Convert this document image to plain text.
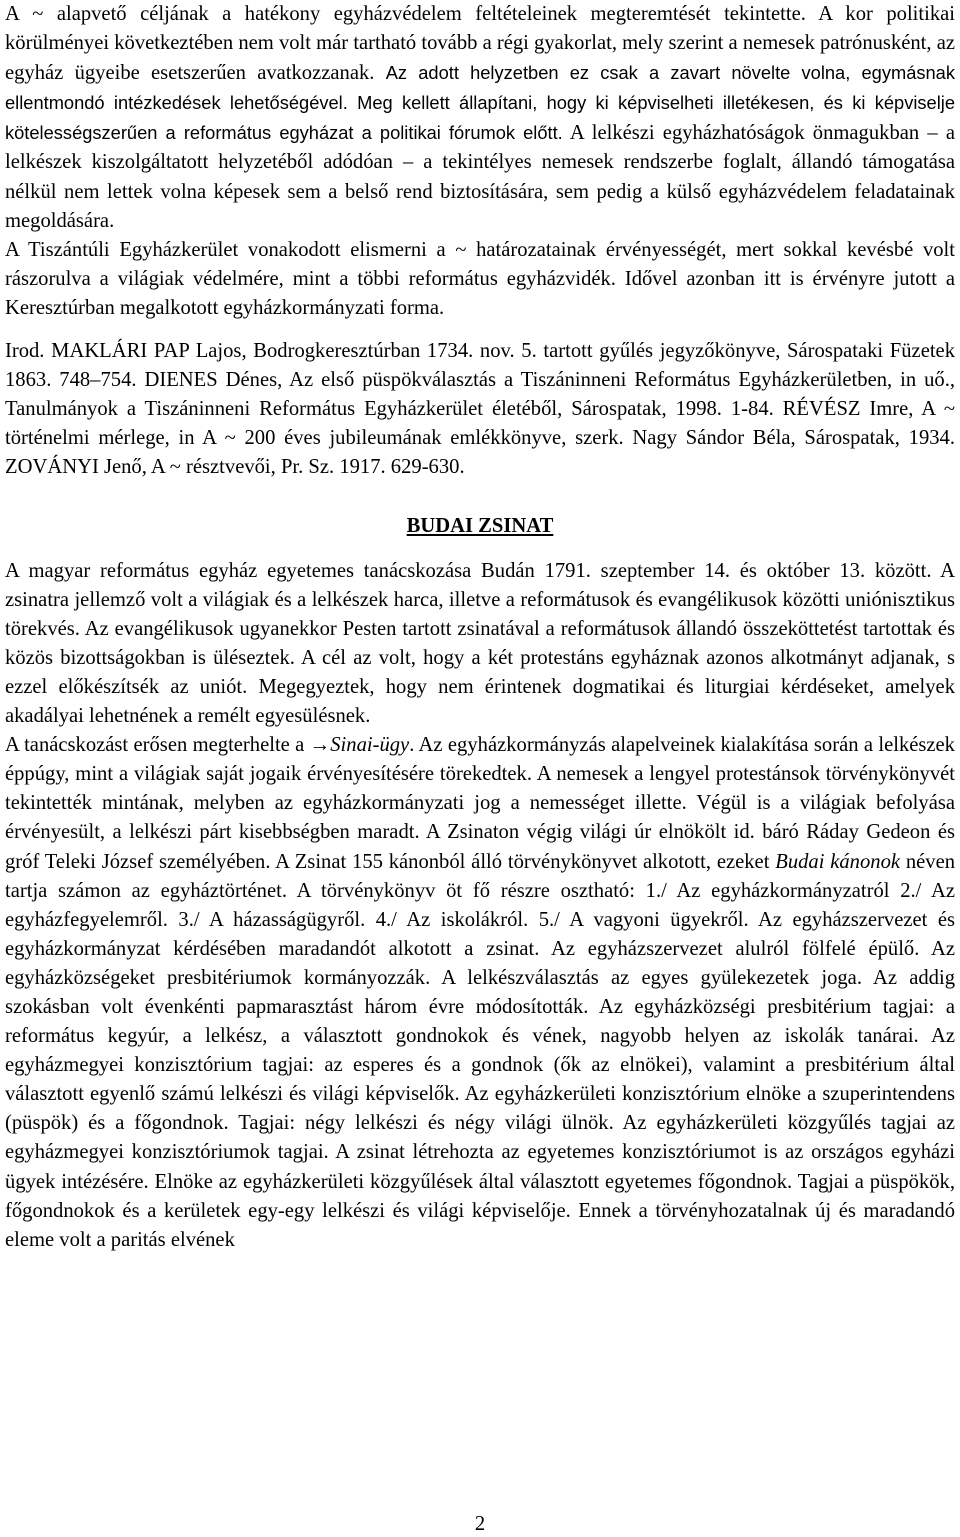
A ~ alapvető céljának a hatékony egyházvédelem feltételeinek megteremtését tekintette. A kor politikai körülményei következtében nem volt már tartható tovább a régi gyakorlat, mely szerint a nemesek patrónusként, az egyház ügyeibe esetszerűen avatkozzanak. Az adott helyzetben ez csak a zavart növelte volna, egymásnak ellentmondó intézkedések lehetőségével. Meg kellett állapítani, hogy ki képviselheti illetékesen, és ki képviselje kötelességszerűen a református egyházat a politikai fórumok előtt. A lelkészi egyházhatóságok önmagukban – a lelkészek kiszolgáltatott helyzetéből adódóan – a tekintélyes nemesek rendszerbe foglalt, állandó támogatása nélkül nem lettek volna képesek sem a belső rend biztosítására, sem pedig a külső egyházvédelem feladatainak megoldására.

A Tiszántúli Egyházkerület vonakodott elismerni a ~ határozatainak érvényességét, mert sokkal kevésbé volt rászorulva a világiak védelmére, mint a többi református egyházvidék. Idővel azonban itt is érvényre jutott a Keresztúrban megalkotott egyházkormányzati forma.

Irod. MAKLÁRI PAP Lajos, Bodrogkeresztúrban 1734. nov. 5. tartott gyűlés jegyzőkönyve, Sárospataki Füzetek 1863. 748–754. DIENES Dénes, Az első püspökválasztás a Tiszáninneni Református Egyházkerületben, in uő., Tanulmányok a Tiszáninneni Református Egyházkerület életéből, Sárospatak, 1998. 1-84. RÉVÉSZ Imre, A ~ történelmi mérlege, in A ~ 200 éves jubileumának emlékkönyve, szerk. Nagy Sándor Béla, Sárospatak, 1934. ZOVÁNYI Jenő, A ~ résztvevői, Pr. Sz. 1917. 629-630.

BUDAI ZSINAT

A magyar református egyház egyetemes tanácskozása Budán 1791. szeptember 14. és október 13. között. A zsinatra jellemző volt a világiak és a lelkészek harca, illetve a reformátusok és evangélikusok közötti uniónisztikus törekvés. Az evangélikusok ugyanekkor Pesten tartott zsinatával a reformátusok állandó összeköttetést tartottak és közös bizottságokban is üléseztek. A cél az volt, hogy a két protestáns egyháznak azonos alkotmányt adjanak, s ezzel előkészítsék az uniót. Megegyeztek, hogy nem érintenek dogmatikai és liturgiai kérdéseket, amelyek akadályai lehetnének a remélt egyesülésnek.

A tanácskozást erősen megterhelte a →Sinai-ügy. Az egyházkormányzás alapelveinek kialakítása során a lelkészek éppúgy, mint a világiak saját jogaik érvényesítésére törekedtek. A nemesek a lengyel protestánsok törvénykönyvét tekintették mintának, melyben az egyházkormányzati jog a nemességet illette. Végül is a világiak befolyása érvényesült, a lelkészi párt kisebbségben maradt. A Zsinaton végig világi úr elnökölt id. báró Ráday Gedeon és gróf Teleki József személyében. A Zsinat 155 kánonból álló törvénykönyvet alkotott, ezeket Budai kánonok néven tartja számon az egyháztörténet. A törvénykönyv öt fő részre osztható: 1./ Az egyházkormányzatról 2./ Az egyházfegyelemről. 3./ A házasságügyről. 4./ Az iskolákról. 5./ A vagyoni ügyekről. Az egyházszervezet és egyházkormányzat kérdésében maradandót alkotott a zsinat. Az egyházszervezet alulról fölfelé épülő. Az egyházközségeket presbitériumok kormányozzák. A lelkészválasztás az egyes gyülekezetek joga. Az addig szokásban volt évenkénti papmarasztást három évre módosították. Az egyházközségi presbitérium tagjai: a református kegyúr, a lelkész, a választott gondnokok és vének, nagyobb helyen az iskolák tanárai. Az egyházmegyei konzisztórium tagjai: az esperes és a gondnok (ők az elnökei), valamint a presbitérium által választott egyenlő számú lelkészi és világi képviselők. Az egyházkerületi konzisztórium elnöke a szuperintendens (püspök) és a főgondnok. Tagjai: négy lelkészi és négy világi ülnök. Az egyházkerületi közgyűlés tagjai az egyházmegyei konzisztóriumok tagjai. A zsinat létrehozta az egyetemes konzisztóriumot is az országos egyházi ügyek intézésére. Elnöke az egyházkerületi közgyűlések által választott egyetemes főgondnok. Tagjai a püspökök, főgondnokok és a kerületek egy-egy lelkészi és világi képviselője. Ennek a törvényhozatalnak új és maradandó eleme volt a paritás elvének

2
